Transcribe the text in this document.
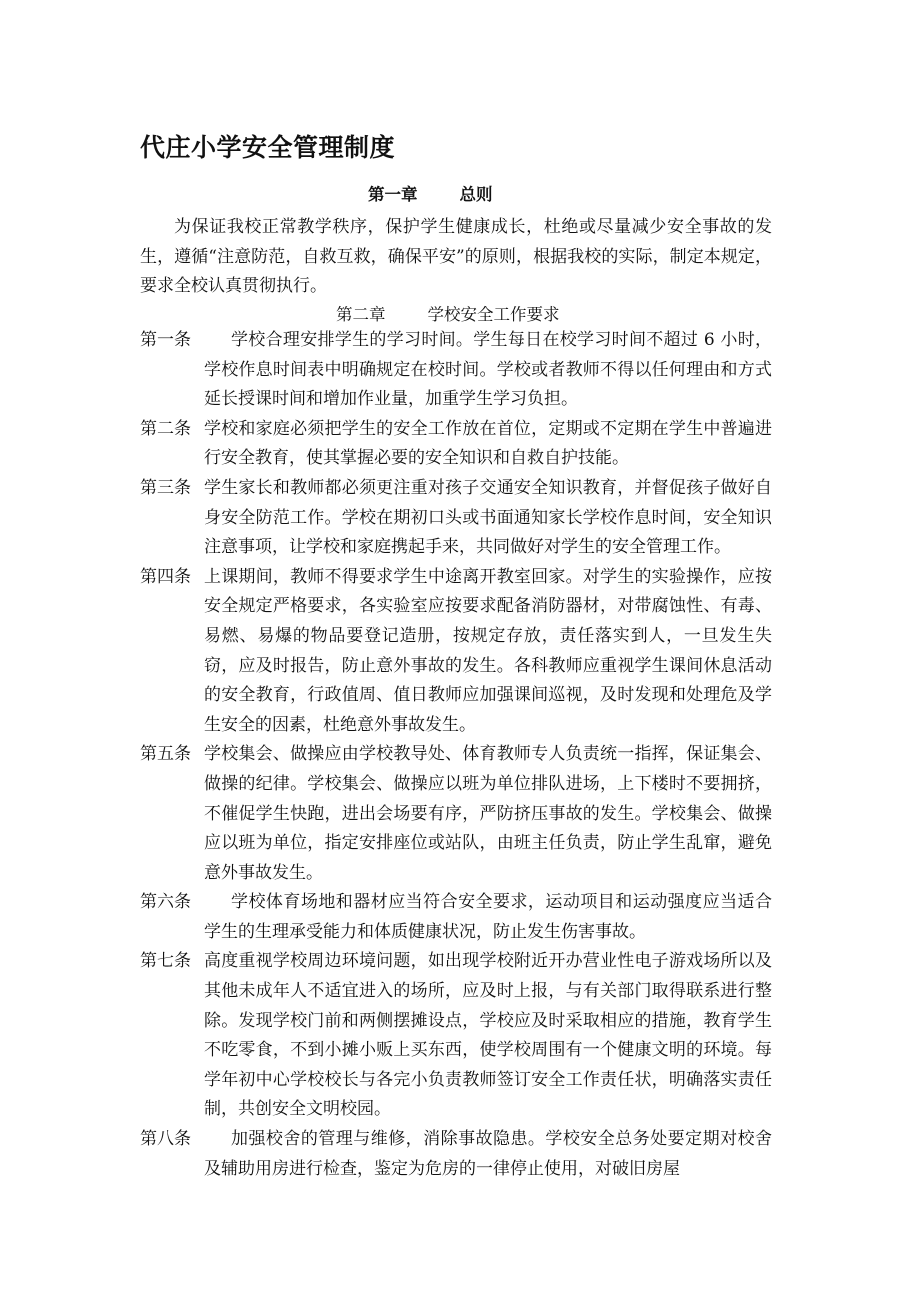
代庄小学安全管理制度
第一章	总则

为保证我校正常教学秩序，保护学生健康成长，杜绝或尽量减少安全事故的发生，遵循“注意防范，自救互救，确保平安”的原则，根据我校的实际，制定本规定，要求全校认真贯彻执行。

第二章	学校安全工作要求
第一条	学校合理安排学生的学习时间。学生每日在校学习时间不超过 6 小时，学校作息时间表中明确规定在校时间。学校或者教师不得以任何理由和方式延长授课时间和增加作业量，加重学生学习负担。

第二条 学校和家庭必须把学生的安全工作放在首位，定期或不定期在学生中普遍进行安全教育，使其掌握必要的安全知识和自救自护技能。

第三条 学生家长和教师都必须更注重对孩子交通安全知识教育，并督促孩子做好自身安全防范工作。学校在期初口头或书面通知家长学校作息时间，安全知识注意事项，让学校和家庭携起手来，共同做好对学生的安全管理工作。

第四条 上课期间，教师不得要求学生中途离开教室回家。对学生的实验操作，应按安全规定严格要求，各实验室应按要求配备消防器材，对带腐蚀性、有毒、易燃、易爆的物品要登记造册，按规定存放，责任落实到人，一旦发生失窃，应及时报告，防止意外事故的发生。各科教师应重视学生课间休息活动的安全教育，行政值周、值日教师应加强课间巡视，及时发现和处理危及学生安全的因素，杜绝意外事故发生。

第五条 学校集会、做操应由学校教导处、体育教师专人负责统一指挥，保证集会、做操的纪律。学校集会、做操应以班为单位排队进场，上下楼时不要拥挤，不催促学生快跑，进出会场要有序，严防挤压事故的发生。学校集会、做操应以班为单位，指定安排座位或站队，由班主任负责，防止学生乱窜，避免意外事故发生。

第六条	学校体育场地和器材应当符合安全要求，运动项目和运动强度应当适合学生的生理承受能力和体质健康状况，防止发生伤害事故。

第七条 高度重视学校周边环境问题，如出现学校附近开办营业性电子游戏场所以及其他未成年人不适宜进入的场所，应及时上报，与有关部门取得联系进行整除。发现学校门前和两侧摆摊设点，学校应及时采取相应的措施，教育学生不吃零食，不到小摊小贩上买东西，使学校周围有一个健康文明的环境。每学年初中心学校校长与各完小负责教师签订安全工作责任状，明确落实责任制，共创安全文明校园。

第八条	加强校舍的管理与维修，消除事故隐患。学校安全总务处要定期对校舍及辅助用房进行检查，鉴定为危房的一律停止使用，对破旧房屋
